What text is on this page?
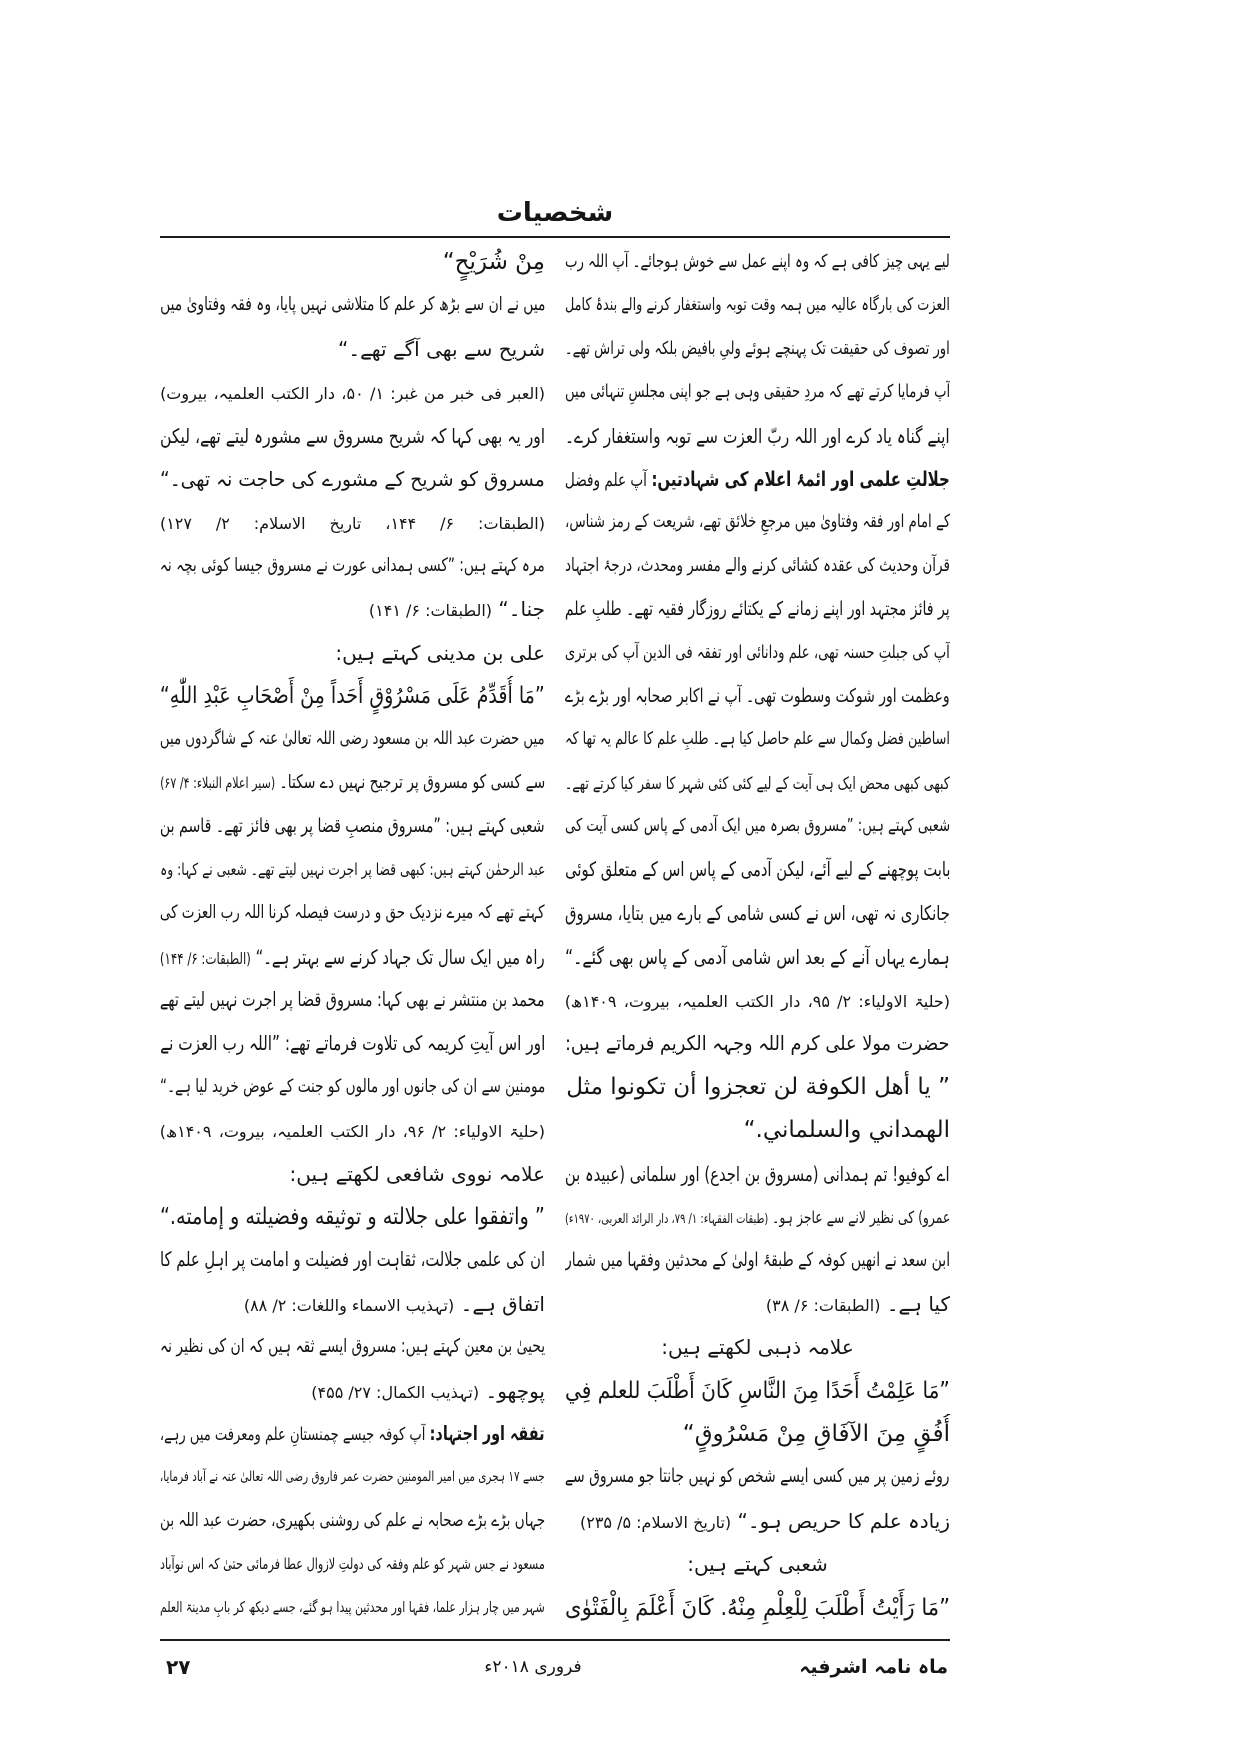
شخصیات
لیے یہی چیز کافی ہے کہ وہ اپنے عمل سے خوش ہوجائے۔ آپ اللہ رب
العزت کی بارگاہ عالیہ میں ہمہ وقت توبہ واستغفار کرنے والے بندۂ کامل
اور تصوف کی حقیقت تک پہنچے ہوئے ولیِ بافیض بلکہ ولی تراش تھے۔
آپ فرمایا کرتے تھے کہ مردِ حقیقی وہی ہے جو اپنی مجلسِ تنہائی میں
اپنے گناہ یاد کرے اور اللہ ربّ العزت سے توبہ واستغفار کرے۔
جلالتِ علمی اور ائمۂ اعلام کی شہادتیں:آپ علم وفضل
کے امام اور فقہ وفتاویٰ میں مرجعِ خلائق تھے، شریعت کے رمز شناس،
قرآن وحدیث کی عقدہ کشائی کرنے والے مفسر ومحدث، درجۂ اجتہاد
پر فائز مجتہد اور اپنے زمانے کے یکتائے روزگار فقیہ تھے۔ طلبِ علم
آپ کی جبلتِ حسنہ تھی، علم ودانائی اور تفقہ فی الدین آپ کی برتری
وعظمت اور شوکت وسطوت تھی۔ آپ نے اکابر صحابہ اور بڑے بڑے
اساطین فضل وکمال سے علم حاصل کیا ہے۔ طلبِ علم کا عالم یہ تھا کہ
کبھی کبھی محض ایک ہی آیت کے لیے کئی کئی شہر کا سفر کیا کرتے تھے۔
شعبی کہتے ہیں: ”مسروق بصرہ میں ایک آدمی کے پاس کسی آیت کی
بابت پوچھنے کے لیے آئے، لیکن آدمی کے پاس اس کے متعلق کوئی
جانکاری نہ تھی، اس نے کسی شامی کے بارے میں بتایا، مسروق
ہمارے یہاں آنے کے بعد اس شامی آدمی کے پاس بھی گئے۔“
(حلیۃ الاولیاء: ۲/ ۹۵، دار الکتب العلمیہ، بیروت، ۱۴۰۹ھ)
حضرت مولا علی کرم اللہ وجہہ الکریم فرماتے ہیں:
” يا أهل الكوفة لن تعجزوا أن تكونوا مثل
الهمداني والسلماني.“
اے کوفیو! تم ہمدانی (مسروق بن اجدع) اور سلمانی (عبیدہ بن
عمرو) کی نظیر لانے سے عاجز ہو۔(طبقات الفقہاء: ۱/ ۷۹، دار الرائد العربی، ۱۹۷۰ء)
ابن سعد نے انھیں کوفہ کے طبقۂ اولیٰ کے محدثین وفقہا میں شمار
کیا ہے۔(الطبقات: ۶/ ۳۸)
علامہ ذہبی لکھتے ہیں:
”مَا عَلِمْتُ أَحَدًا مِنَ النَّاسِ كَانَ أَطْلَبَ للعلم فِي
أُفُقٍ مِنَ الآفَاقِ مِنْ مَسْرُوقٍ“
روئے زمین پر میں کسی ایسے شخص کو نہیں جانتا جو مسروق سے
زیادہ علم کا حریص ہو۔“(تاریخ الاسلام: ۵/ ۲۳۵)
شعبی کہتے ہیں:
”مَا رَأَيْتُ أَطْلَبَ لِلْعِلْمِ مِنْهُ. كَانَ أَعْلَمَ بِالْفَتْوٰى
مِنْ شُرَيْحٍ“
میں نے ان سے بڑھ کر علم کا متلاشی نہیں پایا، وہ فقہ وفتاویٰ میں
شریح سے بھی آگے تھے۔“
(العبر فی خبر من غبر: ۱/ ۵۰، دار الکتب العلمیہ، بیروت)
اور یہ بھی کہا کہ شریح مسروق سے مشورہ لیتے تھے، لیکن
مسروق کو شریح کے مشورے کی حاجت نہ تھی۔“
(الطبقات: ۶/ ۱۴۴، تاریخ الاسلام: ۲/ ۱۲۷)
مرہ کہتے ہیں: ”کسی ہمدانی عورت نے مسروق جیسا کوئی بچہ نہ
جنا۔“(الطبقات: ۶/ ۱۴۱)
علی بن مدینی کہتے ہیں:
”مَا أُقَدِّمُ عَلَى مَسْرُوْقٍ أَحَداً مِنْ أَصْحَابِ عَبْدِ اللّٰهِ“
میں حضرت عبد اللہ بن مسعود رضی اللہ تعالیٰ عنہ کے شاگردوں میں
سے کسی کو مسروق پر ترجیح نہیں دے سکتا۔(سیر اعلام النبلاء: ۴/ ۶۷)
شعبی کہتے ہیں: ”مسروق منصبِ قضا پر بھی فائز تھے۔ قاسم بن
عبد الرحمٰن کہتے ہیں: کبھی قضا پر اجرت نہیں لیتے تھے۔ شعبی نے کہا: وہ
کہتے تھے کہ میرے نزدیک حق و درست فیصلہ کرنا اللہ رب العزت کی
راہ میں ایک سال تک جہاد کرنے سے بہتر ہے۔“(الطبقات: ۶/ ۱۴۴)
محمد بن منتشر نے بھی کہا: مسروق قضا پر اجرت نہیں لیتے تھے
اور اس آیتِ کریمہ کی تلاوت فرماتے تھے: ”اللہ رب العزت نے
مومنین سے ان کی جانوں اور مالوں کو جنت کے عوض خرید لیا ہے۔“
(حلیۃ الاولیاء: ۲/ ۹۶، دار الکتب العلمیہ، بیروت، ۱۴۰۹ھ)
علامہ نووی شافعی لکھتے ہیں:
” واتفقوا على جلالته و توثيقه وفضيلته و إمامته.“
ان کی علمی جلالت، ثقاہت اور فضیلت و امامت پر اہلِ علم کا
اتفاق ہے۔(تہذیب الاسماء واللغات: ۲/ ۸۸)
یحییٰ بن معین کہتے ہیں: مسروق ایسے ثقہ ہیں کہ ان کی نظیر نہ
پوچھو۔(تہذیب الکمال: ۲۷/ ۴۵۵)
تفقہ اور اجتہاد:آپ کوفہ جیسے چمنستانِ علم ومعرفت میں رہے،
جسے ۱۷ ہجری میں امیر المومنین حضرت عمر فاروق رضی اللہ تعالیٰ عنہ نے آباد فرمایا،
جہاں بڑے بڑے صحابہ نے علم کی روشنی بکھیری، حضرت عبد اللہ بن
مسعود نے جس شہر کو علم وفقہ کی دولتِ لازوال عطا فرمائی حتیٰ کہ اس نوآباد
شہر میں چار ہزار علما، فقہا اور محدثین پیدا ہو گئے، جسے دیکھ کر بابِ مدینۃ العلم
ماہ نامہ اشرفیہ
فروری ۲۰۱۸ء
۲۷
